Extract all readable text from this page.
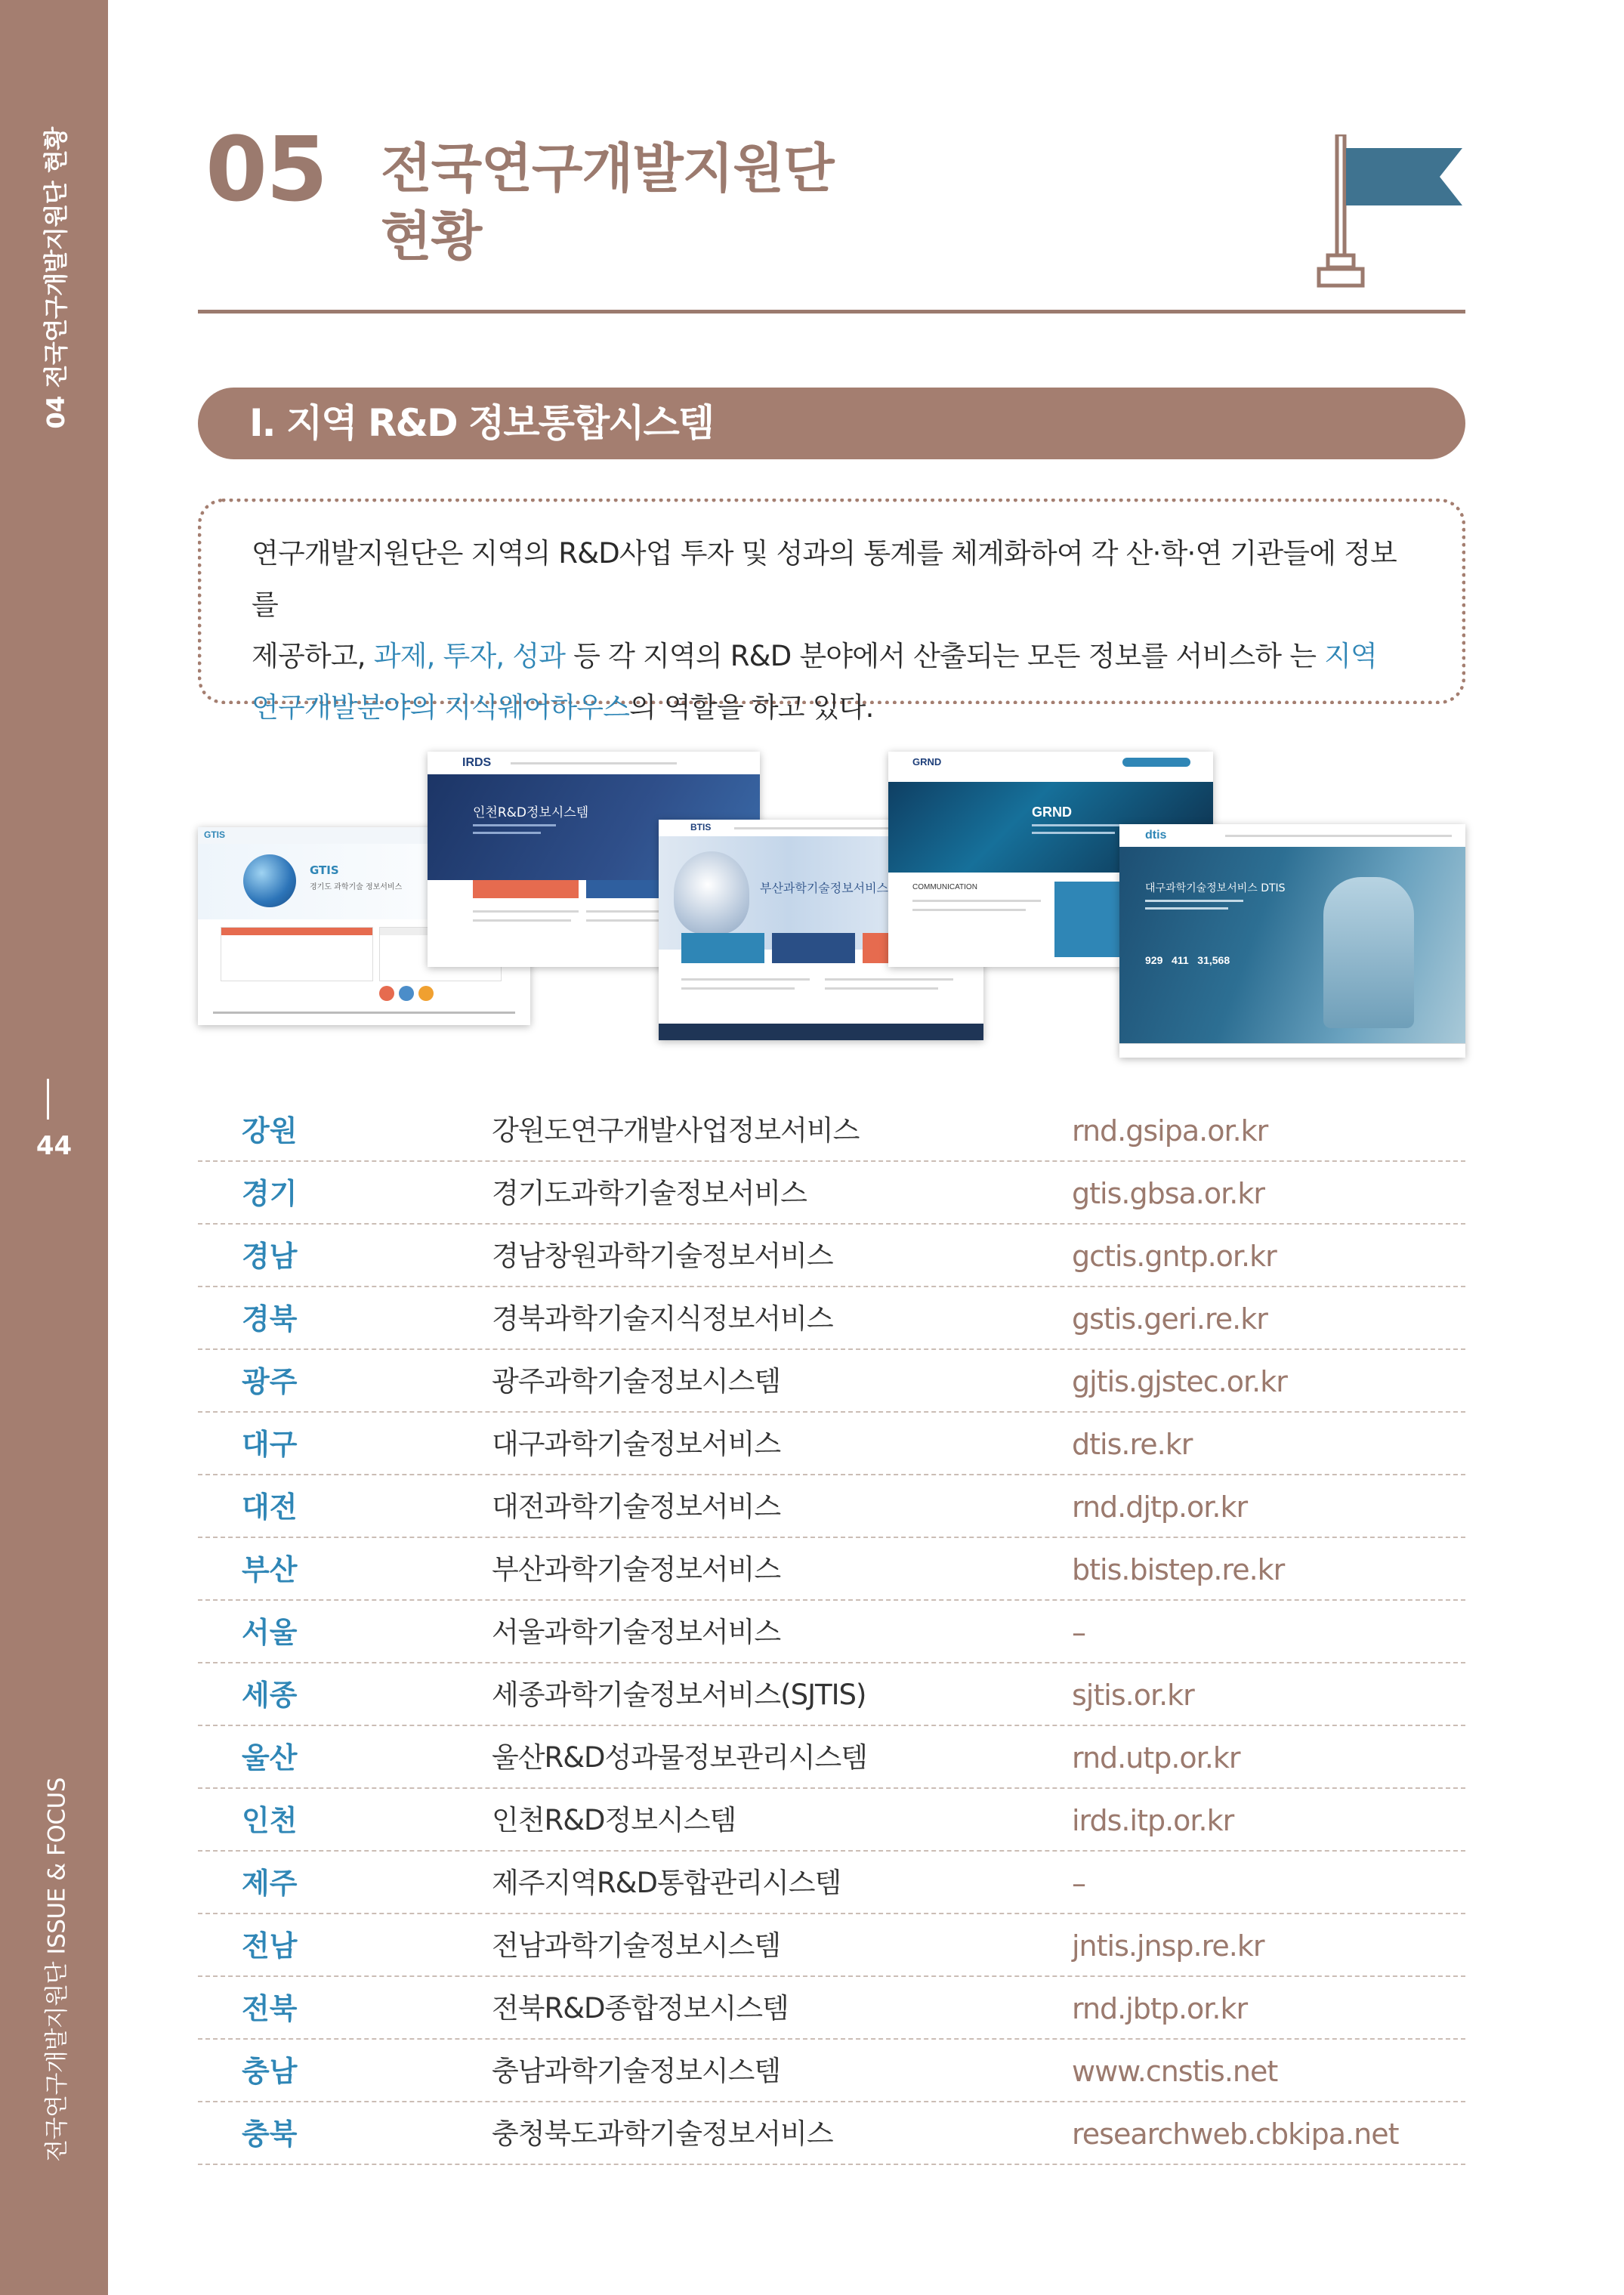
04 전국연구개발지원단 현황
44
전국연구개발지원단 ISSUE & FOCUS
05 전국연구개발지원단
현황
Ⅰ. 지역 R&D 정보통합시스템

연구개발지원단은 지역의 R&D사업 투자 및 성과의 통계를 체계화하여 각 산·학·연 기관들에 정보를
제공하고, 과제, 투자, 성과 등 각 지역의 R&D 분야에서 산출되는 모든 정보를 서비스하 는 지역
연구개발분야의 지식웨어하우스의 역할을 하고 있다.

GTIS
GTIS
경기도 과학기술 정보서비스
IRDS
인천R&D정보시스템
BTIS
부산과학기술정보서비스
GRND
GRND
COMMUNICATION
dtis
대구과학기술정보서비스 DTIS
929 411 31,568
강원	강원도연구개발사업정보서비스	rnd.gsipa.or.kr
경기	경기도과학기술정보서비스	gtis.gbsa.or.kr
경남	경남창원과학기술정보서비스	gctis.gntp.or.kr
경북	경북과학기술지식정보서비스	gstis.geri.re.kr
광주	광주과학기술정보시스템	gjtis.gjstec.or.kr
대구	대구과학기술정보서비스	dtis.re.kr
대전	대전과학기술정보서비스	rnd.djtp.or.kr
부산	부산과학기술정보서비스	btis.bistep.re.kr
서울	서울과학기술정보서비스	–
세종	세종과학기술정보서비스(SJTIS)	sjtis.or.kr
울산	울산R&D성과물정보관리시스템	rnd.utp.or.kr
인천	인천R&D정보시스템	irds.itp.or.kr
제주	제주지역R&D통합관리시스템	–
전남	전남과학기술정보시스템	jntis.jnsp.re.kr
전북	전북R&D종합정보시스템	rnd.jbtp.or.kr
충남	충남과학기술정보시스템	www.cnstis.net
충북	충청북도과학기술정보서비스	researchweb.cbkipa.net
